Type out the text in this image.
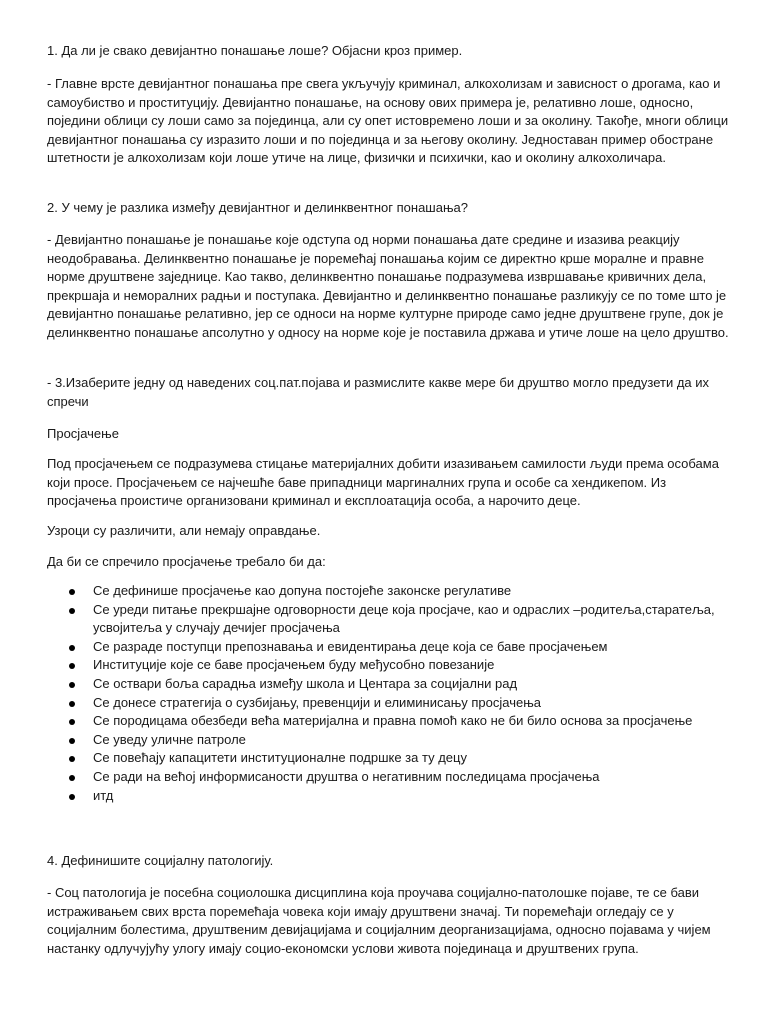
1. Да ли је свако девијантно понашање лоше? Објасни кроз пример.

- Главне врсте девијантног понашања пре свега укључују криминал, алкохолизам и зависност о дрогама, као и самоубиство и проституцију. Девијантно понашање, на основу ових примера је, релативно лоше, односно, поједини облици су лоши само за појединца, али су опет истовремено лоши и за околину. Такође, многи облици девијантног понашања су изразито лоши и по појединца и за његову околину. Једноставан пример обостране штетности је алкохолизам који лоше утиче на лице, физички и психички, као и околину алкохоличара.

2. У чему је разлика између девијантног и делинквентног понашања?

- Девијантно понашање је понашање које одступа од норми понашања дате средине и изазива реакцију неодобравања. Делинквентно понашање је поремећај понашања којим се директно крше моралне и правне норме друштвене заједнице. Као такво, делинквентно понашање подразумева извршавање кривичних дела, прекршаја и неморалних радњи и поступака. Девијантно и делинквентно понашање разликују се по томе што је девијантно понашање релативно, јер се односи на норме културне природе само једне друштвене групе, док је делинквентно понашање апсолутно у односу на норме које је поставила држава и утиче лоше на цело друштво.

- 3.Изаберите једну од наведених соц.пат.појава и размислите какве мере би друштво могло предузети да их спречи

Просјачење

Под просјачењем се подразумева стицање материјалних добити изазивањем самилости људи према особама који просе. Просјачењем се најчешће баве припадници маргиналних група и особе са хендикепом. Из просјачења проистиче организовани криминал и експлоатација особа, а нарочито деце.

Узроци су различити, али немају оправдање.

Да би се спречило просјачење требало би да:

Се дефинише просјачење као допуна постојеће законске регулативе
Се уреди питање прекршајне одговорности деце која просјаче, као и одраслих –родитеља,старатеља, усвојитеља у случају дечијег просјачења
Се разраде поступци препознавања и евидентирања деце која се баве просјачењем
Институције које се баве просјачењем буду међусобно повезаније
Се оствари боља сарадња између школа и Центара за социјални рад
Се донесе стратегија о сузбијању, превенцији и елиминисању просјачења
Се породицама обезбеди већа материјална и правна помоћ како не би било основа за просјачење
Се уведу уличне патроле
Се повећају капацитети институционалне подршке за ту децу
Се ради на већој информисаности друштва о негативним последицама просјачења
итд

4. Дефинишите социјалну патологију.

- Соц патологија је посебна социолошка дисциплина која проучава социјално-патолошке појаве, те се бави истраживањем свих врста поремећаја човека који имају друштвени значај. Ти поремећаји огледају се у социјалним болестима, друштвеним девијацијама и социјалним деорганизацијама, односно појавама у чијем настанку одлучујућу улогу имају социо-економски услови живота појединаца и друштвених група.
